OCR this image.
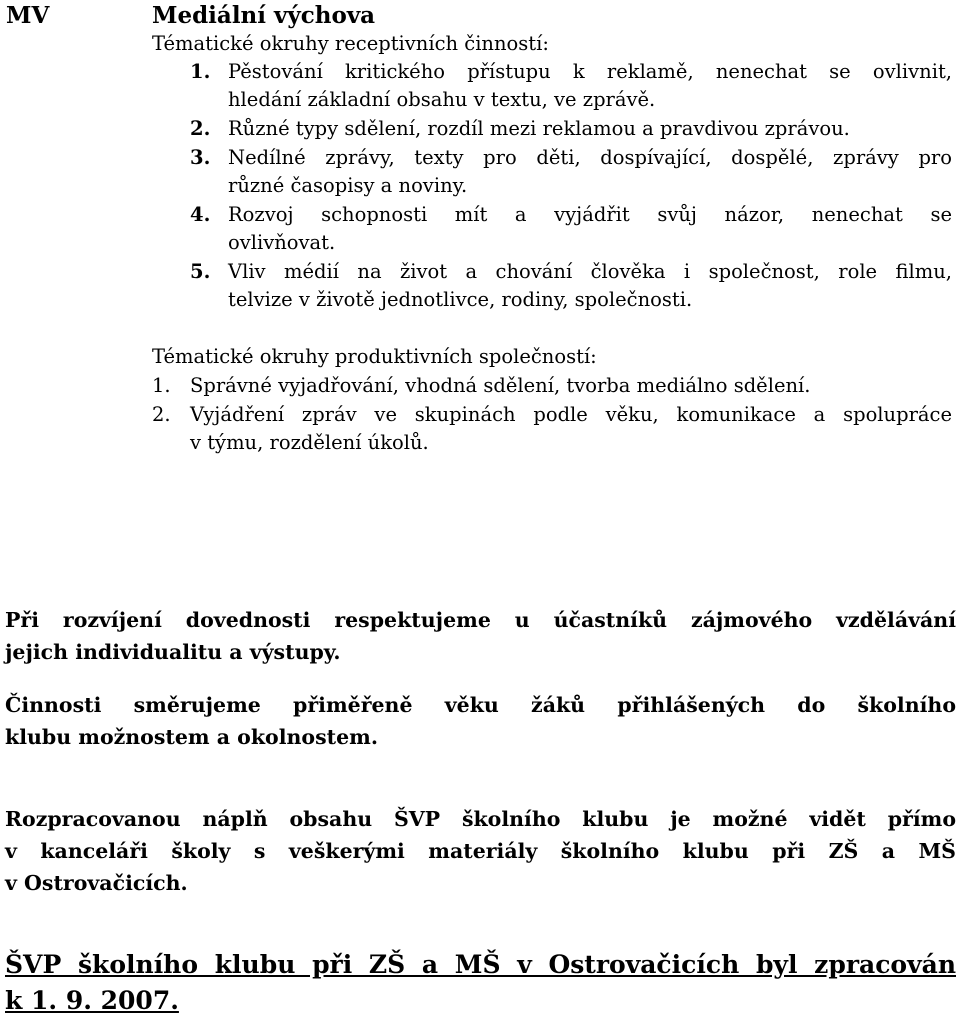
MV	Mediální výchova
Tématické okruhy receptivních činností:
1. Pěstování kritického přístupu k reklamě, nenechat se ovlivnit,
hledání základní obsahu v textu, ve zprávě.
2. Různé typy sdělení, rozdíl mezi reklamou a pravdivou zprávou.
3. Nedílné zprávy, texty pro děti, dospívající, dospělé, zprávy pro
různé časopisy a noviny.
4. Rozvoj schopnosti mít a vyjádřit svůj názor, nenechat se
ovlivňovat.
5. Vliv médií na život a chování člověka i společnost, role filmu,
telvize v životě jednotlivce, rodiny, společnosti.
Tématické okruhy produktivních společností:
1. Správné vyjadřování, vhodná sdělení, tvorba mediálno sdělení.
2. Vyjádření zpráv ve skupinách podle věku, komunikace a spolupráce
v týmu, rozdělení úkolů.
Při rozvíjení dovednosti respektujeme u účastníků zájmového vzdělávání
jejich individualitu a výstupy.
Činnosti směrujeme přiměřeně věku žáků přihlášených do školního
klubu možnostem a okolnostem.
Rozpracovanou náplň obsahu ŠVP školního klubu je možné vidět přímo
v kanceláři školy s veškerými materiály školního klubu při ZŠ a MŠ
v Ostrovačicích.
ŠVP školního klubu při ZŠ a MŠ v Ostrovačicích byl zpracován
k 1. 9. 2007.
